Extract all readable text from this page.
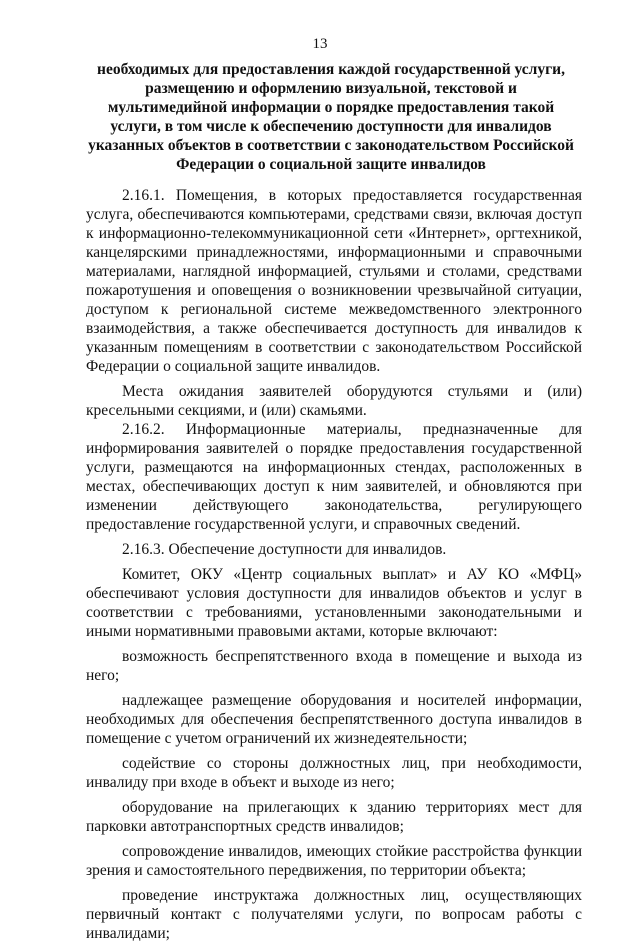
13
необходимых для предоставления каждой государственной услуги, размещению и оформлению визуальной, текстовой и мультимедийной информации о порядке предоставления такой услуги, в том числе к обеспечению доступности для инвалидов указанных объектов в соответствии с законодательством Российской Федерации о социальной защите инвалидов

2.16.1. Помещения, в которых предоставляется государственная услуга, обеспечиваются компьютерами, средствами связи, включая доступ к информационно-телекоммуникационной сети «Интернет», оргтехникой, канцелярскими принадлежностями, информационными и справочными материалами, наглядной информацией, стульями и столами, средствами пожаротушения и оповещения о возникновении чрезвычайной ситуации, доступом к региональной системе межведомственного электронного взаимодействия, а также обеспечивается доступность для инвалидов к указанным помещениям в соответствии с законодательством Российской Федерации о социальной защите инвалидов.

Места ожидания заявителей оборудуются стульями и (или) кресельными секциями, и (или) скамьями.

2.16.2. Информационные материалы, предназначенные для информирования заявителей о порядке предоставления государственной услуги, размещаются на информационных стендах, расположенных в местах, обеспечивающих доступ к ним заявителей, и обновляются при изменении действующего законодательства, регулирующего предоставление государственной услуги, и справочных сведений.

2.16.3. Обеспечение доступности для инвалидов.

Комитет, ОКУ «Центр социальных выплат» и АУ КО «МФЦ» обеспечивают условия доступности для инвалидов объектов и услуг в соответствии с требованиями, установленными законодательными и иными нормативными правовыми актами, которые включают:

возможность беспрепятственного входа в помещение и выхода из него;

надлежащее размещение оборудования и носителей информации, необходимых для обеспечения беспрепятственного доступа инвалидов в помещение с учетом ограничений их жизнедеятельности;

содействие со стороны должностных лиц, при необходимости, инвалиду при входе в объект и выходе из него;

оборудование на прилегающих к зданию территориях мест для парковки автотранспортных средств инвалидов;

сопровождение инвалидов, имеющих стойкие расстройства функции зрения и самостоятельного передвижения, по территории объекта;

проведение инструктажа должностных лиц, осуществляющих первичный контакт с получателями услуги, по вопросам работы с инвалидами;
